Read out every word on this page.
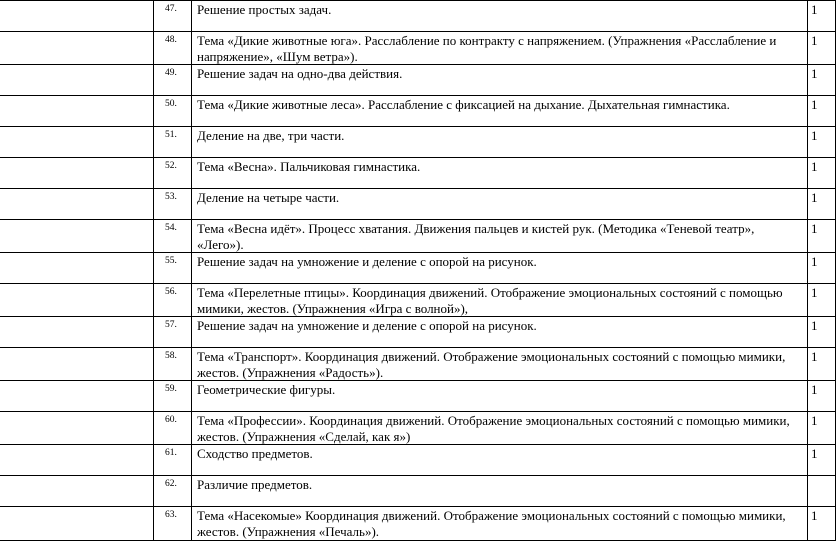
	47.	Решение простых задач.	1
	48.	Тема «Дикие животные юга». Расслабление по контракту с напряжением. (Упражнения «Расслабление и напряжение», «Шум ветра»).	1
	49.	Решение задач на одно-два действия.	1
	50.	Тема «Дикие животные леса». Расслабление с фиксацией на дыхание. Дыхательная гимнастика.	1
	51.	Деление на две, три части.	1
	52.	Тема «Весна». Пальчиковая гимнастика.	1
	53.	Деление на четыре части.	1
	54.	Тема «Весна идёт». Процесс хватания. Движения пальцев и кистей рук. (Методика «Теневой театр», «Лего»).	1
	55.	Решение задач на умножение и деление с опорой на рисунок.	1
	56.	Тема «Перелетные птицы». Координация движений. Отображение эмоциональных состояний с помощью мимики, жестов. (Упражнения «Игра с волной»),	1
	57.	Решение задач на умножение и деление с опорой на рисунок.	1
	58.	Тема «Транспорт». Координация движений. Отображение эмоциональных состояний с помощью мимики, жестов. (Упражнения «Радость»).	1
	59.	Геометрические фигуры.	1
	60.	Тема «Профессии». Координация движений. Отображение эмоциональных состояний с помощью мимики, жестов. (Упражнения «Сделай, как я»)	1
	61.	Сходство предметов.	1
	62.	Различие предметов.	
	63.	Тема «Насекомые» Координация движений. Отображение эмоциональных состояний с помощью мимики, жестов. (Упражнения «Печаль»).	1
